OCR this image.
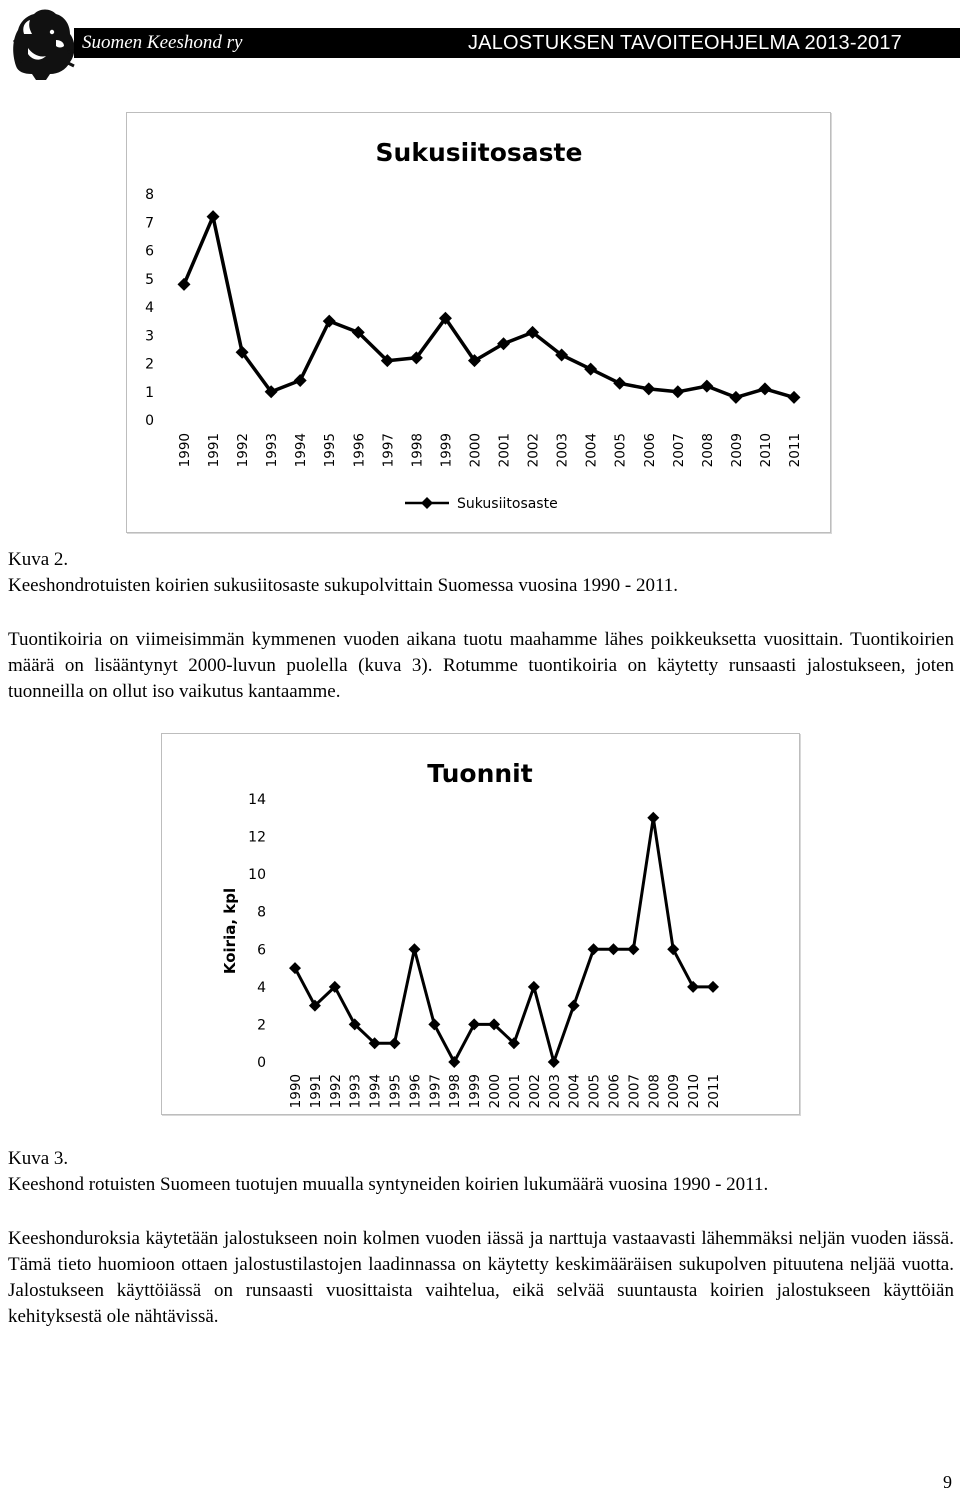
Suomen Keeshond ry	JALOSTUKSEN TAVOITEOHJELMA 2013-2017
Sukusiitosaste
0
1
2
3
4
5
6
7
8
1990 1991 1992 1993 1994 1995 1996 1997 1998 1999 2000 2001 2002 2003 2004 2005 2006 2007 2008 2009 2010 2011
Sukusiitosaste
Kuva 2.
Keeshondrotuisten koirien sukusiitosaste sukupolvittain Suomessa vuosina 1990 - 2011.
Tuontikoiria on viimeisimmän kymmenen vuoden aikana tuotu maahamme lähes poikkeuksetta vuosittain. Tuontikoirien määrä on lisääntynyt 2000-luvun puolella (kuva 3). Rotumme tuontikoiria on käytetty runsaasti jalostukseen, joten tuonneilla on ollut iso vaikutus kantaamme.
Tuonnit
Koiria, kpl
0
2
4
6
8
10
12
14
1990 1991 1992 1993 1994 1995 1996 1997 1998 1999 2000 2001 2002 2003 2004 2005 2006 2007 2008 2009 2010 2011
Kuva 3.
Keeshond rotuisten Suomeen tuotujen muualla syntyneiden koirien lukumäärä vuosina 1990 - 2011.
Keeshonduroksia käytetään jalostukseen noin kolmen vuoden iässä ja narttuja vastaavasti lähemmäksi neljän vuoden iässä. Tämä tieto huomioon ottaen jalostustilastojen laadinnassa on käytetty keskimääräisen sukupolven pituutena neljää vuotta. Jalostukseen käyttöiässä on runsaasti vuosittaista vaihtelua, eikä selvää suuntausta koirien jalostukseen käyttöiän kehityksestä ole nähtävissä.
9
